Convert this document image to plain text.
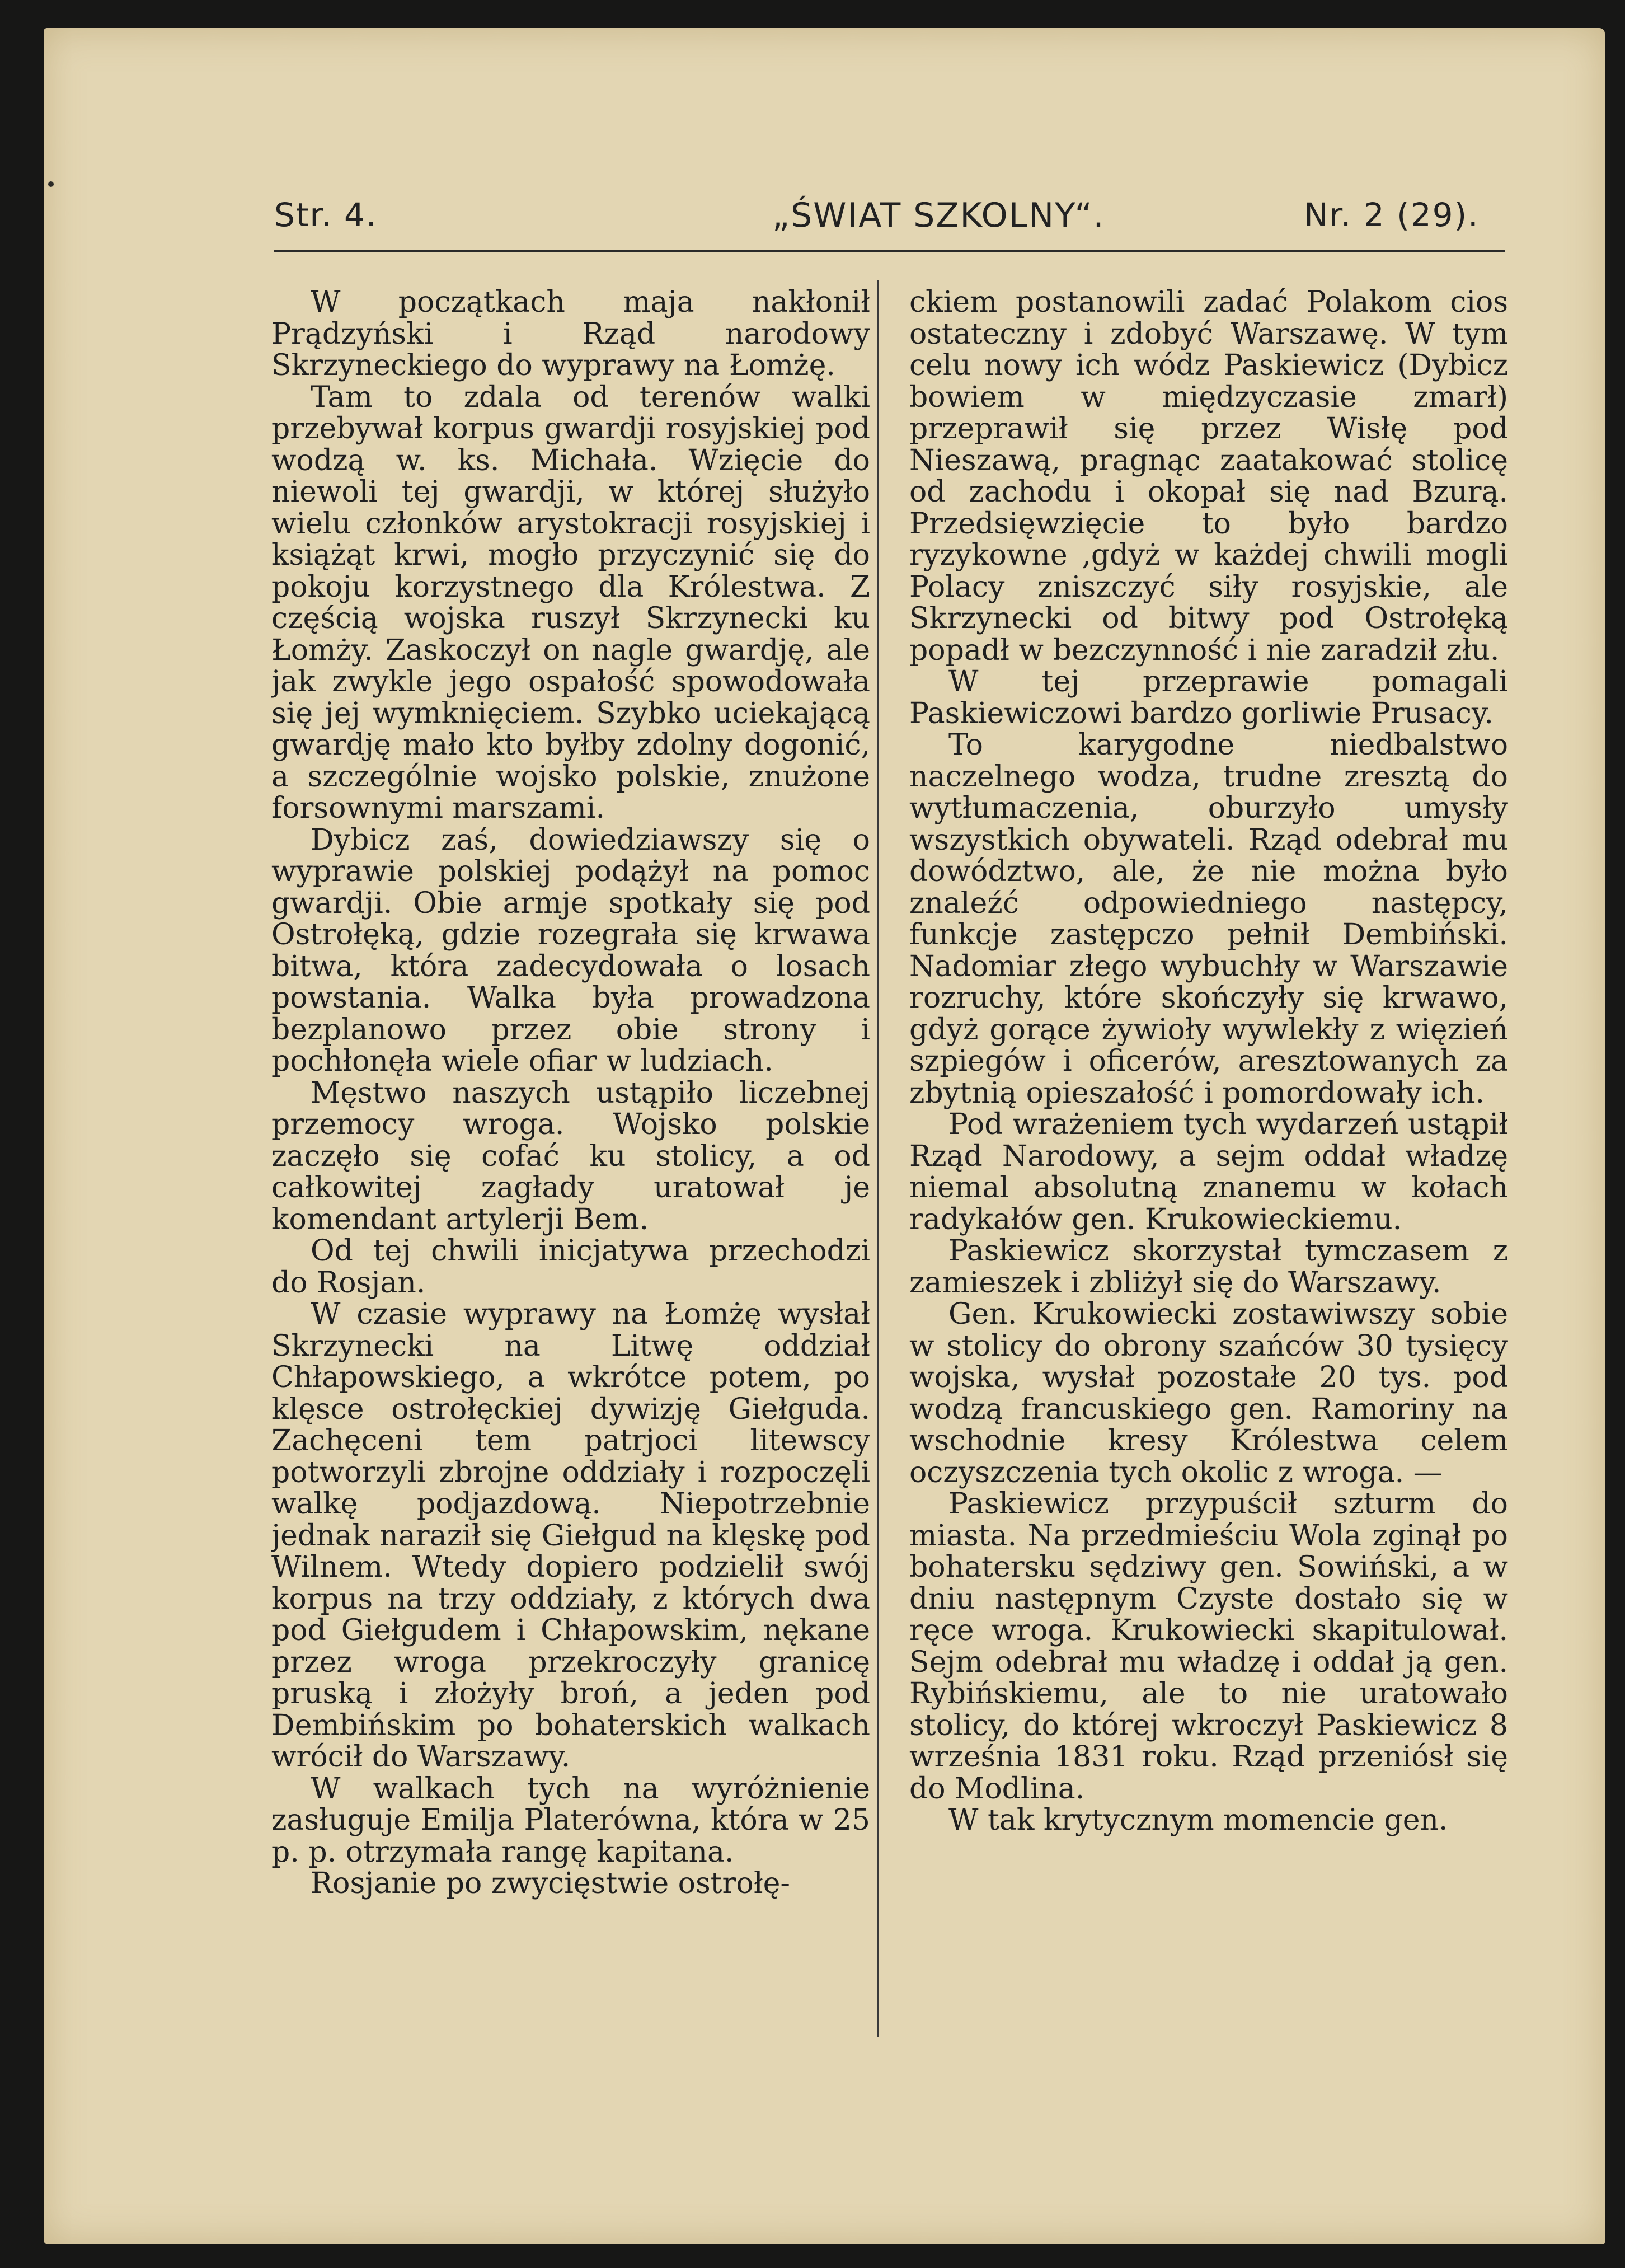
Str. 4.	„ŚWIAT SZKOLNY“.	Nr. 2 (29).

W początkach maja nakłonił Prądzyński i Rząd narodowy Skrzyneckiego do wyprawy na Łomżę.

Tam to zdala od terenów walki przebywał korpus gwardji rosyjskiej pod wodzą w. ks. Michała. Wzięcie do niewoli tej gwardji, w której służyło wielu członków arystokracji rosyjskiej i książąt krwi, mogło przyczynić się do pokoju korzystnego dla Królestwa. Z częścią wojska ruszył Skrzynecki ku Łomży. Zaskoczył on nagle gwardję, ale jak zwykle jego ospałość spowodowała się jej wymknięciem. Szybko uciekającą gwardję mało kto byłby zdolny dogonić, a szczególnie wojsko polskie, znużone forsownymi marszami.

Dybicz zaś, dowiedziawszy się o wyprawie polskiej podążył na pomoc gwardji. Obie armje spotkały się pod Ostrołęką, gdzie rozegrała się krwawa bitwa, która zadecydowała o losach powstania. Walka była prowadzona bezplanowo przez obie strony i pochłonęła wiele ofiar w ludziach.

Męstwo naszych ustąpiło liczebnej przemocy wroga. Wojsko polskie zaczęło się cofać ku stolicy, a od całkowitej zagłady uratował je komendant artylerji Bem.

Od tej chwili inicjatywa przechodzi do Rosjan.

W czasie wyprawy na Łomżę wysłał Skrzynecki na Litwę oddział Chłapowskiego, a wkrótce potem, po klęsce ostrołęckiej dywizję Giełguda. Zachęceni tem patrjoci litewscy potworzyli zbrojne oddziały i rozpoczęli walkę podjazdową. Niepotrzebnie jednak naraził się Giełgud na klęskę pod Wilnem. Wtedy dopiero podzielił swój korpus na trzy oddziały, z których dwa pod Giełgudem i Chłapowskim, nękane przez wroga przekroczyły granicę pruską i złożyły broń, a jeden pod Dembińskim po bohaterskich walkach wrócił do Warszawy.

W walkach tych na wyróżnienie zasługuje Emilja Platerówna, która w 25 p. p. otrzymała rangę kapitana.

Rosjanie po zwycięstwie ostrołę-

ckiem postanowili zadać Polakom cios ostateczny i zdobyć Warszawę. W tym celu nowy ich wódz Paskiewicz (Dybicz bowiem w międzyczasie zmarł) przeprawił się przez Wisłę pod Nieszawą, pragnąc zaatakować stolicę od zachodu i okopał się nad Bzurą. Przedsięwzięcie to było bardzo ryzykowne ,gdyż w każdej chwili mogli Polacy zniszczyć siły rosyjskie, ale Skrzynecki od bitwy pod Ostrołęką popadł w bezczynność i nie zaradził złu.

W tej przeprawie pomagali Paskiewiczowi bardzo gorliwie Prusacy.

To karygodne niedbalstwo naczelnego wodza, trudne zresztą do wytłumaczenia, oburzyło umysły wszystkich obywateli. Rząd odebrał mu dowództwo, ale, że nie można było znaleźć odpowiedniego następcy, funkcje zastępczo pełnił Dembiński. Nadomiar złego wybuchły w Warszawie rozruchy, które skończyły się krwawo, gdyż gorące żywioły wywlekły z więzień szpiegów i oficerów, aresztowanych za zbytnią opieszałość i pomordowały ich.

Pod wrażeniem tych wydarzeń ustąpił Rząd Narodowy, a sejm oddał władzę niemal absolutną znanemu w kołach radykałów gen. Krukowieckiemu.

Paskiewicz skorzystał tymczasem z zamieszek i zbliżył się do Warszawy.

Gen. Krukowiecki zostawiwszy sobie w stolicy do obrony szańców 30 tysięcy wojska, wysłał pozostałe 20 tys. pod wodzą francuskiego gen. Ramoriny na wschodnie kresy Królestwa celem oczyszczenia tych okolic z wroga. —

Paskiewicz przypuścił szturm do miasta. Na przedmieściu Wola zginął po bohatersku sędziwy gen. Sowiński, a w dniu następnym Czyste dostało się w ręce wroga. Krukowiecki skapitulował. Sejm odebrał mu władzę i oddał ją gen. Rybińskiemu, ale to nie uratowało stolicy, do której wkroczył Paskiewicz 8 września 1831 roku. Rząd przeniósł się do Modlina.

W tak krytycznym momencie gen.
